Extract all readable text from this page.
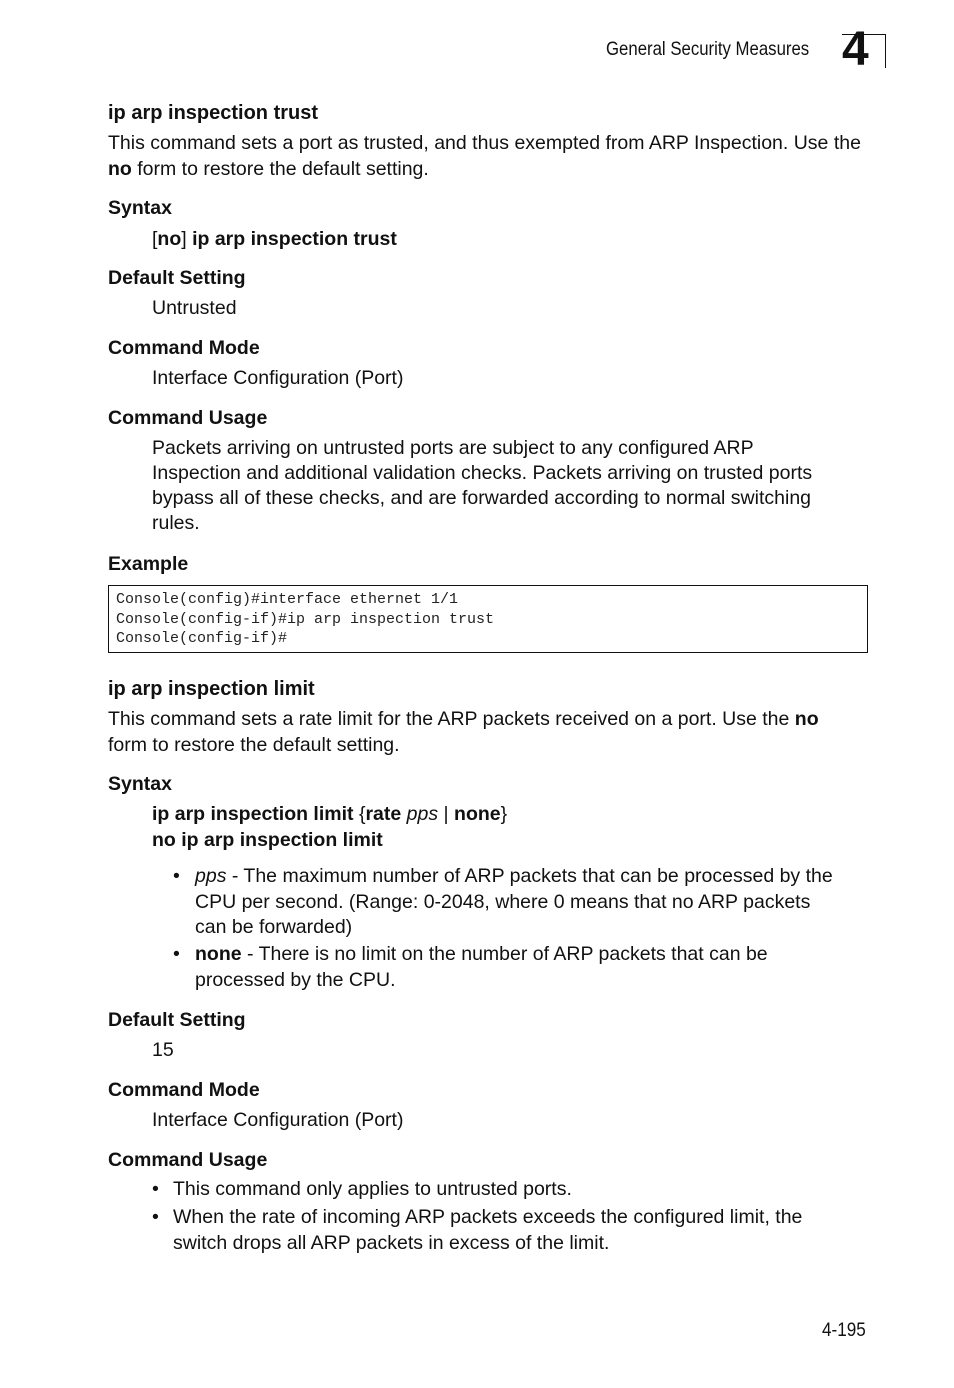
General Security Measures 4
ip arp inspection trust
This command sets a port as trusted, and thus exempted from ARP Inspection. Use the no form to restore the default setting.
Syntax
[no] ip arp inspection trust
Default Setting
Untrusted
Command Mode
Interface Configuration (Port)
Command Usage
Packets arriving on untrusted ports are subject to any configured ARP
Inspection and additional validation checks. Packets arriving on trusted ports
bypass all of these checks, and are forwarded according to normal switching
rules.
Example
Console(config)#interface ethernet 1/1
Console(config-if)#ip arp inspection trust
Console(config-if)#
ip arp inspection limit
This command sets a rate limit for the ARP packets received on a port. Use the no
form to restore the default setting.
Syntax
ip arp inspection limit {rate pps | none}
no ip arp inspection limit
• pps - The maximum number of ARP packets that can be processed by the
CPU per second. (Range: 0-2048, where 0 means that no ARP packets
can be forwarded)
• none - There is no limit on the number of ARP packets that can be
processed by the CPU.
Default Setting
15
Command Mode
Interface Configuration (Port)
Command Usage
• This command only applies to untrusted ports.
• When the rate of incoming ARP packets exceeds the configured limit, the
switch drops all ARP packets in excess of the limit.
4-195
